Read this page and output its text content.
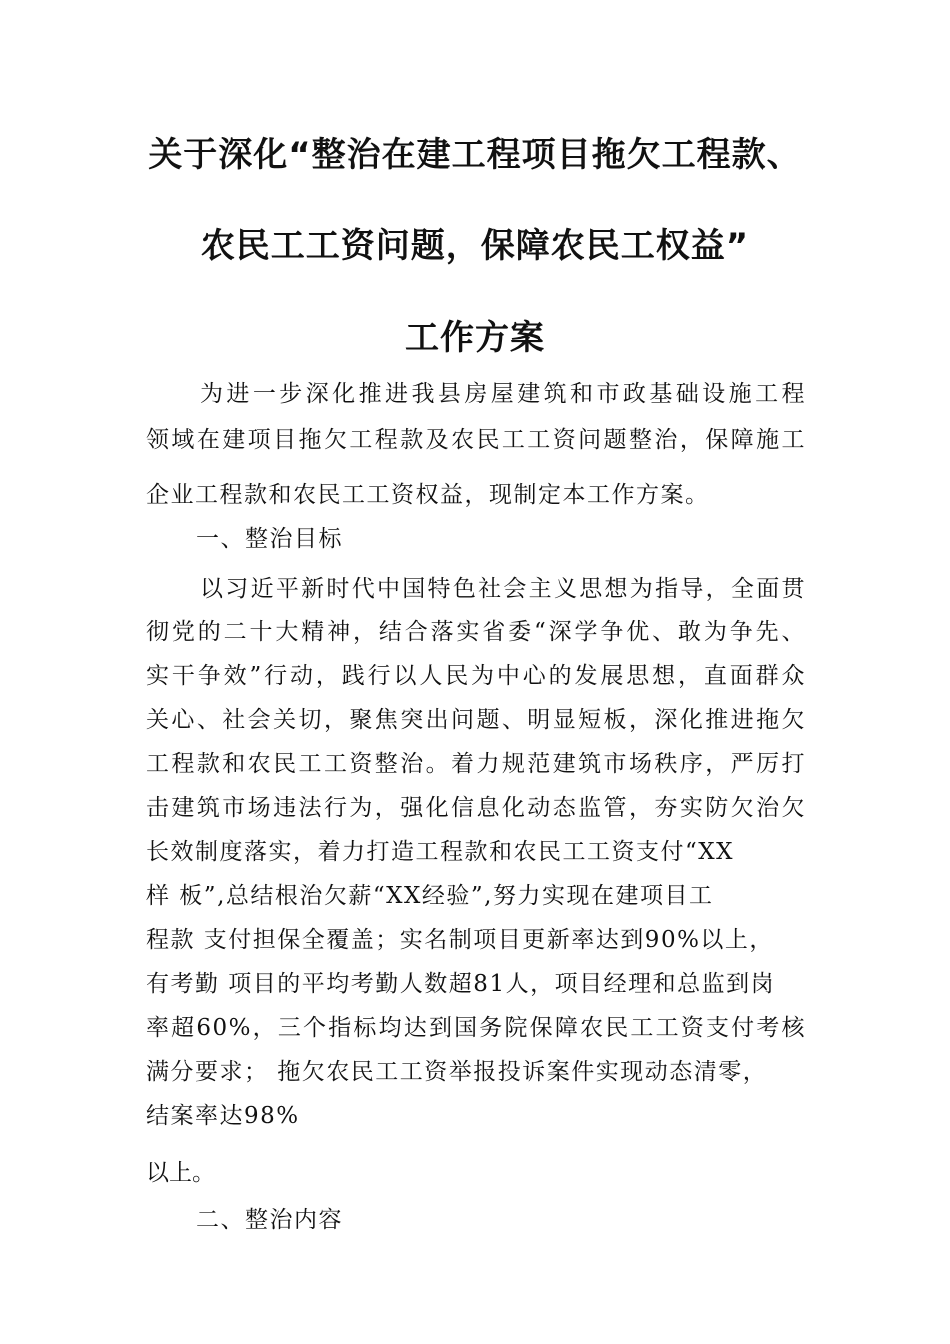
关于深化“整治在建工程项目拖欠工程款、
农民工工资问题，保障农民工权益”
工作方案
为进一步深化推进我县房屋建筑和市政基础设施工程
领域在建项目拖欠工程款及农民工工资问题整治，保障施工
企业工程款和农民工工资权益，现制定本工作方案。
一、整治目标
以习近平新时代中国特色社会主义思想为指导，全面贯
彻党的二十大精神，结合落实省委“深学争优、敢为争先、
实干争效”行动，践行以人民为中心的发展思想，直面群众
关心、社会关切，聚焦突出问题、明显短板，深化推进拖欠
工程款和农民工工资整治。着力规范建筑市场秩序，严厉打
击建筑市场违法行为，强化信息化动态监管，夯实防欠治欠
长效制度落实，着力打造工程款和农民工工资支付“XX
样 板”,总结根治欠薪“XX经验”,努力实现在建项目工
程款 支付担保全覆盖；实名制项目更新率达到90%以上，
有考勤 项目的平均考勤人数超81人，项目经理和总监到岗
率超60%，三个指标均达到国务院保障农民工工资支付考核
满分要求； 拖欠农民工工资举报投诉案件实现动态清零，
结案率达98%
以上。
二、整治内容
